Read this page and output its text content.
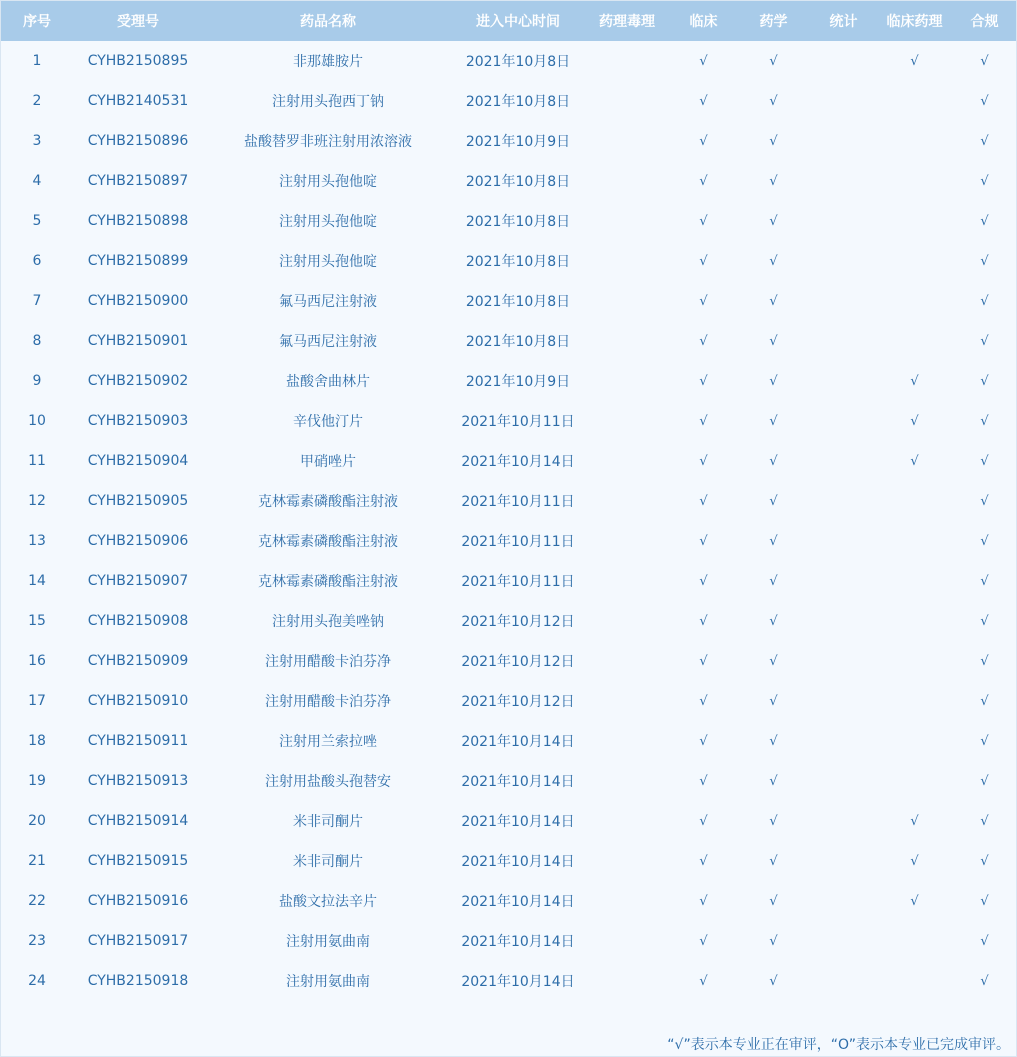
序号	受理号	药品名称	进入中心时间	药理毒理	临床	药学	统计	临床药理	合规
1	CYHB2150895	非那雄胺片	2021年10月8日		√	√		√	√
2	CYHB2140531	注射用头孢西丁钠	2021年10月8日		√	√			√
3	CYHB2150896	盐酸替罗非班注射用浓溶液	2021年10月9日		√	√			√
4	CYHB2150897	注射用头孢他啶	2021年10月8日		√	√			√
5	CYHB2150898	注射用头孢他啶	2021年10月8日		√	√			√
6	CYHB2150899	注射用头孢他啶	2021年10月8日		√	√			√
7	CYHB2150900	氟马西尼注射液	2021年10月8日		√	√			√
8	CYHB2150901	氟马西尼注射液	2021年10月8日		√	√			√
9	CYHB2150902	盐酸舍曲林片	2021年10月9日		√	√		√	√
10	CYHB2150903	辛伐他汀片	2021年10月11日		√	√		√	√
11	CYHB2150904	甲硝唑片	2021年10月14日		√	√		√	√
12	CYHB2150905	克林霉素磷酸酯注射液	2021年10月11日		√	√			√
13	CYHB2150906	克林霉素磷酸酯注射液	2021年10月11日		√	√			√
14	CYHB2150907	克林霉素磷酸酯注射液	2021年10月11日		√	√			√
15	CYHB2150908	注射用头孢美唑钠	2021年10月12日		√	√			√
16	CYHB2150909	注射用醋酸卡泊芬净	2021年10月12日		√	√			√
17	CYHB2150910	注射用醋酸卡泊芬净	2021年10月12日		√	√			√
18	CYHB2150911	注射用兰索拉唑	2021年10月14日		√	√			√
19	CYHB2150913	注射用盐酸头孢替安	2021年10月14日		√	√			√
20	CYHB2150914	米非司酮片	2021年10月14日		√	√		√	√
21	CYHB2150915	米非司酮片	2021年10月14日		√	√		√	√
22	CYHB2150916	盐酸文拉法辛片	2021年10月14日		√	√		√	√
23	CYHB2150917	注射用氨曲南	2021年10月14日		√	√			√
24	CYHB2150918	注射用氨曲南	2021年10月14日		√	√			√
“√”表示本专业正在审评，“O”表示本专业已完成审评。
